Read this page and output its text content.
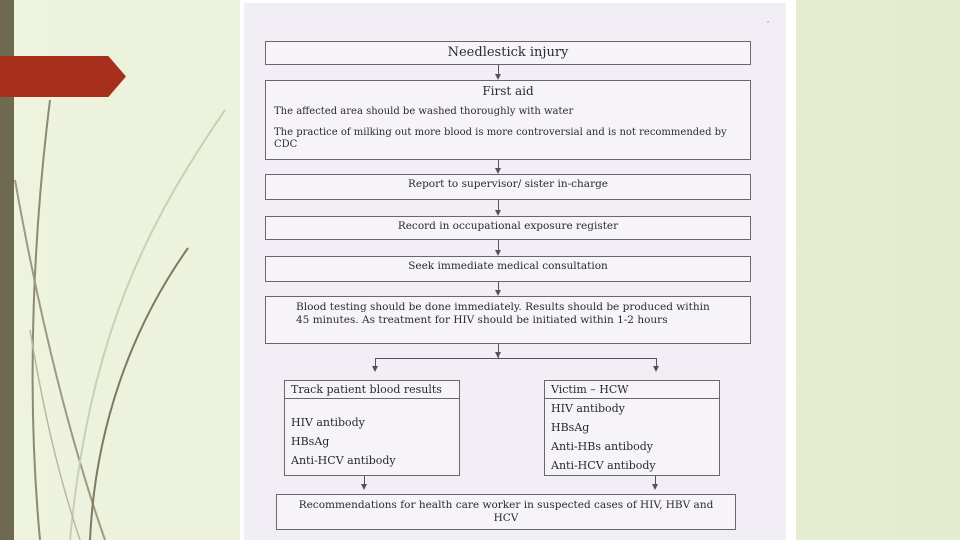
,
Needlestick injury
First aid
The affected area should be washed thoroughly with water
The practice of milking out more blood is more controversial and is not recommended by CDC
Report to supervisor/ sister in-charge
Record in occupational exposure register
Seek immediate medical consultation
Blood testing should be done immediately. Results should be produced within 45 minutes. As treatment for HIV should be initiated within 1-2 hours
Track patient blood results
HIV antibody
HBsAg
Anti-HCV antibody
Victim – HCW
HIV antibody
HBsAg
Anti-HBs antibody
Anti-HCV antibody
Recommendations for health care worker in suspected cases of HIV, HBV and HCV
